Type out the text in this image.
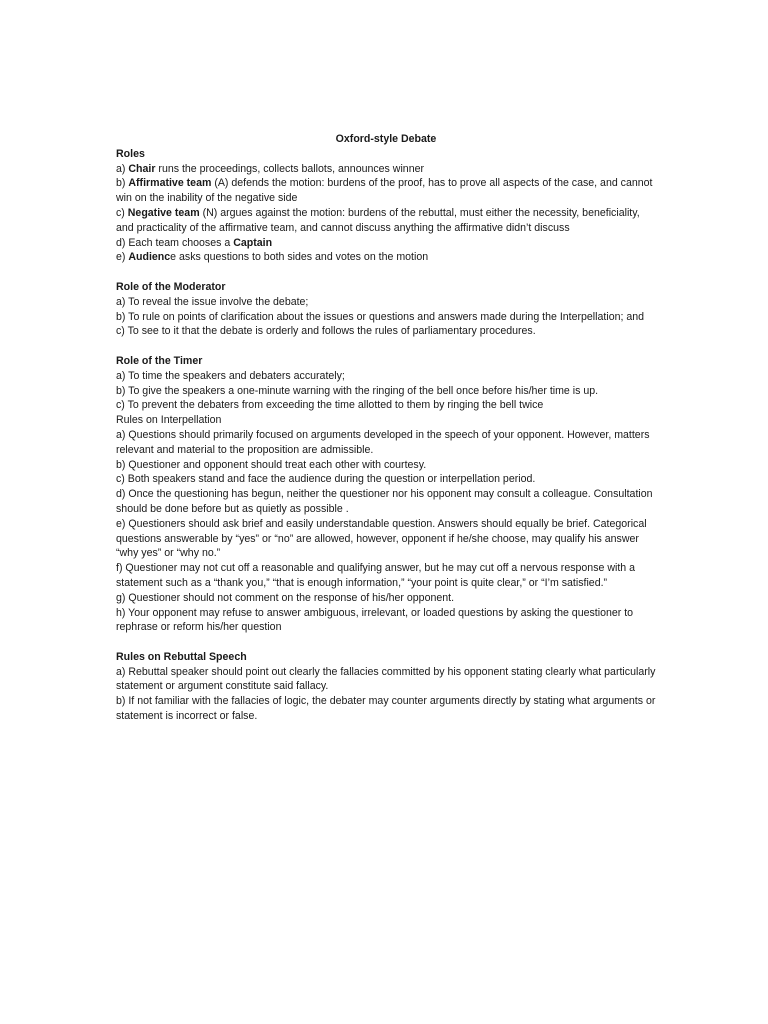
Oxford-style Debate

Roles

a) Chair runs the proceedings, collects ballots, announces winner

b) Affirmative team (A) defends the motion: burdens of the proof, has to prove all aspects of the case, and cannot win on the inability of the negative side

c) Negative team (N) argues against the motion: burdens of the rebuttal, must either the necessity, beneficiality, and practicality of the affirmative team, and cannot discuss anything the affirmative didn’t discuss

d) Each team chooses a Captain

e) Audience asks questions to both sides and votes on the motion

Role of the Moderator

a) To reveal the issue involve the debate;

b) To rule on points of clarification about the issues or questions and answers made during the Interpellation; and

c) To see to it that the debate is orderly and follows the rules of parliamentary procedures.

Role of the Timer

a) To time the speakers and debaters accurately;

b) To give the speakers a one-minute warning with the ringing of the bell once before his/her time is up.

c) To prevent the debaters from exceeding the time allotted to them by ringing the bell twice

Rules on Interpellation

a) Questions should primarily focused on arguments developed in the speech of your opponent. However, matters relevant and material to the proposition are admissible.

b) Questioner and opponent should treat each other with courtesy.

c) Both speakers stand and face the audience during the question or interpellation period.

d) Once the questioning has begun, neither the questioner nor his opponent may consult a colleague. Consultation should be done before but as quietly as possible .

e) Questioners should ask brief and easily understandable question. Answers should equally be brief. Categorical questions answerable by “yes” or “no” are allowed, however, opponent if he/she choose, may qualify his answer “why yes” or “why no.”

f) Questioner may not cut off a reasonable and qualifying answer, but he may cut off a nervous response with a statement such as a “thank you,” “that is enough information,” “your point is quite clear,” or “I’m satisfied.”

g) Questioner should not comment on the response of his/her opponent.

h) Your opponent may refuse to answer ambiguous, irrelevant, or loaded questions by asking the questioner to rephrase or reform his/her question

Rules on Rebuttal Speech

a) Rebuttal speaker should point out clearly the fallacies committed by his opponent stating clearly what particularly statement or argument constitute said fallacy.

b) If not familiar with the fallacies of logic, the debater may counter arguments directly by stating what arguments or statement is incorrect or false.
